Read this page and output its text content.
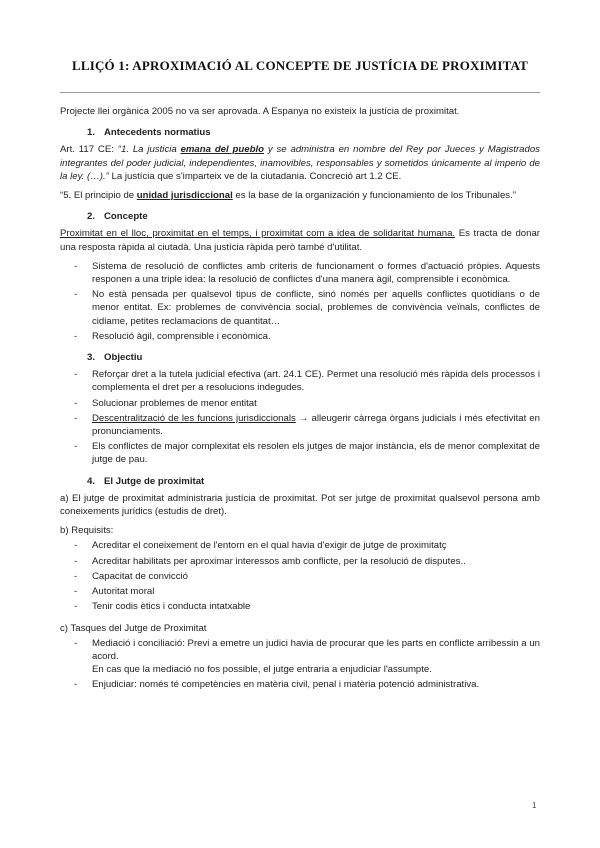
LLIÇÓ 1: APROXIMACIÓ AL CONCEPTE DE JUSTÍCIA DE PROXIMITAT

Projecte llei orgànica 2005 no va ser aprovada. A Espanya no existeix la justícia de proximitat.

1. Antecedents normatius

Art. 117 CE: “1. La justicia emana del pueblo y se administra en nombre del Rey por Jueces y Magistrados integrantes del poder judicial, independientes, inamovibles, responsables y sometidos únicamente al imperio de la ley. (…).” La justícia que s'imparteix ve de la ciutadania. Concreció art 1.2 CE.

“5. El principio de unidad jurisdiccional es la base de la organización y funcionamiento de los Tribunales.”

2. Concepte

Proximitat en el lloc, proximitat en el temps, i proximitat com a idea de solidaritat humana. Es tracta de donar una resposta ràpida al ciutadà. Una justícia ràpida però també d'utilitat.

- Sistema de resolució de conflictes amb criteris de funcionament o formes d'actuació pròpies. Aquests responen a una triple idea: la resolució de conflictes d'una manera àgil, comprensible i econòmica.
- No està pensada per qualsevol tipus de conflicte, sinó només per aquells conflictes quotidians o de menor entitat. Ex: problemes de convivència social, problemes de convivència veïnals, conflictes de cidiame, petites reclamacions de quantitat…
- Resolució àgil, comprensible i econòmica.
3. Objectiu
- Reforçar dret a la tutela judicial efectiva (art. 24.1 CE). Permet una resolució més ràpida dels processos i complementa el dret per a resolucions indegudes.
- Solucionar problemes de menor entitat
- Descentralització de les funcions jurisdiccionals → alleugerir càrrega òrgans judicials i més efectivitat en pronunciaments.
- Els conflictes de major complexitat els resolen els jutges de major instància, els de menor complexitat de jutge de pau.
4. El Jutge de proximitat

a) El jutge de proximitat administraria justícia de proximitat. Pot ser jutge de proximitat qualsevol persona amb coneixements jurídics (estudis de dret).

b) Requisits:

- Acreditar el coneixement de l'entorn en el qual havia d'exigir de jutge de proximitatç
- Acreditar habilitats per aproximar interessos amb conflicte, per la resolució de disputes..
- Capacitat de convicció
- Autoritat moral
- Tenir codis ètics i conducta intatxable

c) Tasques del Jutge de Proximitat

- Mediació i conciliació: Previ a emetre un judici havia de procurar que les parts en conflicte arribessin a un acord.

En cas que la mediació no fos possible, el jutge entraria a enjudiciar l'assumpte.

- Enjudiciar: només té competències en matèria civil, penal i matèria potenció administrativa.
1
